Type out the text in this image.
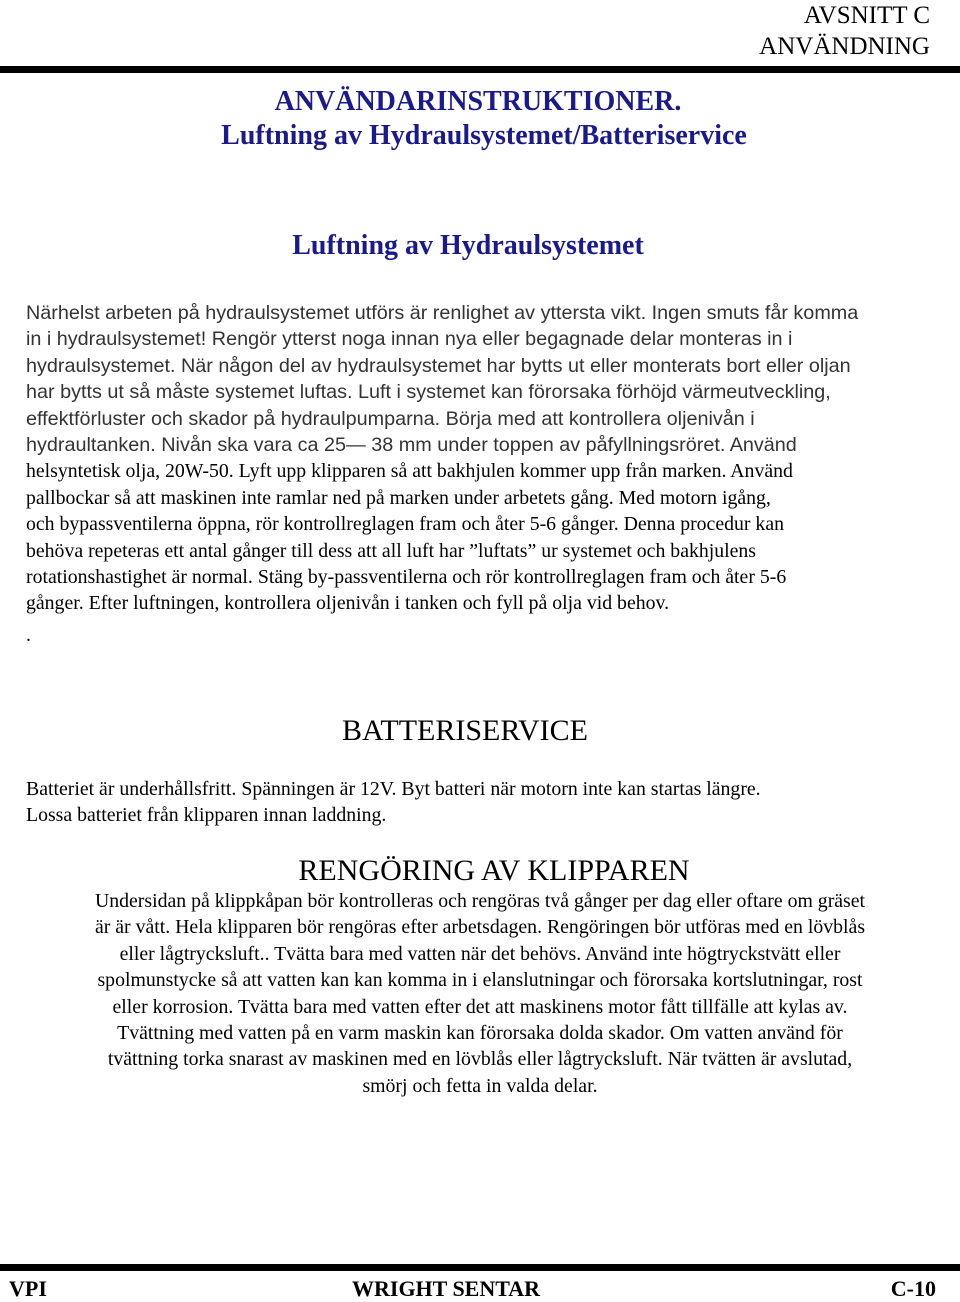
AVSNITT C
ANVÄNDNING
ANVÄNDARINSTRUKTIONER.
Luftning av Hydraulsystemet/Batteriservice
Luftning av Hydraulsystemet
Närhelst arbeten på hydraulsystemet utförs är renlighet av yttersta vikt. Ingen smuts får komma
in i hydraulsystemet! Rengör ytterst noga innan nya eller begagnade delar monteras in i
hydraulsystemet. När någon del av hydraulsystemet har bytts ut eller monterats bort eller oljan
har bytts ut så måste systemet luftas. Luft i systemet kan förorsaka förhöjd värmeutveckling,
effektförluster och skador på hydraulpumparna. Börja med att kontrollera oljenivån i
hydraultanken. Nivån ska vara ca 25— 38 mm under toppen av påfyllningsröret. Använd
helsyntetisk olja, 20W-50. Lyft upp klipparen så att bakhjulen kommer upp från marken. Använd
pallbockar så att maskinen inte ramlar ned på marken under arbetets gång. Med motorn igång,
och bypassventilerna öppna, rör kontrollreglagen fram och åter 5-6 gånger. Denna procedur kan
behöva repeteras ett antal gånger till dess att all luft har ”luftats” ur systemet och bakhjulens
rotationshastighet är normal. Stäng by-passventilerna och rör kontrollreglagen fram och åter 5-6
gånger. Efter luftningen, kontrollera oljenivån i tanken och fyll på olja vid behov.
.
BATTERISERVICE
Batteriet är underhållsfritt. Spänningen är 12V. Byt batteri när motorn inte kan startas längre.
Lossa batteriet från klipparen innan laddning.
RENGÖRING AV KLIPPAREN
Undersidan på klippkåpan bör kontrolleras och rengöras två gånger per dag eller oftare om gräset
är är vått. Hela klipparen bör rengöras efter arbetsdagen. Rengöringen bör utföras med en lövblås
eller lågtrycksluft.. Tvätta bara med vatten när det behövs. Använd inte högtryckstvätt eller
spolmunstycke så att vatten kan kan komma in i elanslutningar och förorsaka kortslutningar, rost
eller korrosion. Tvätta bara med vatten efter det att maskinens motor fått tillfälle att kylas av.
Tvättning med vatten på en varm maskin kan förorsaka dolda skador. Om vatten använd för
tvättning torka snarast av maskinen med en lövblås eller lågtrycksluft. När tvätten är avslutad,
smörj och fetta in valda delar.
VPI	WRIGHT SENTAR	C-10
